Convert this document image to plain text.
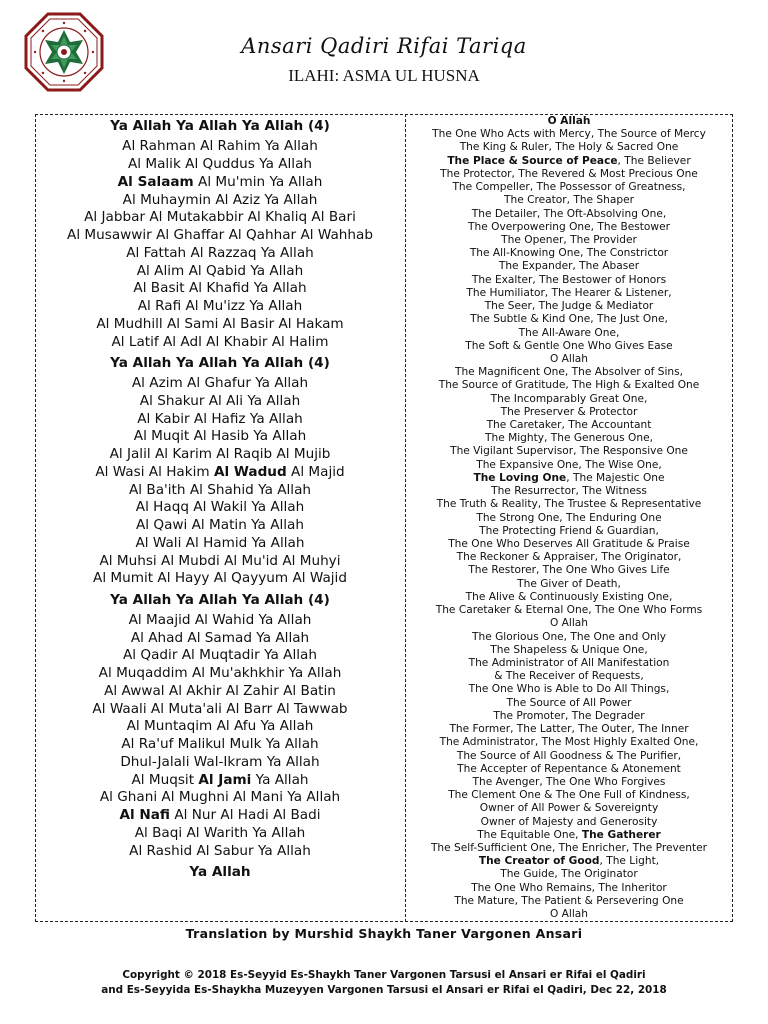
Ansari Qadiri Rifai Tariqa
ILAHI: ASMA UL HUSNA
Ya Allah Ya Allah Ya Allah (4)
Al Rahman Al Rahim Ya Allah
Al Malik Al Quddus Ya Allah
Al Salaam Al Mu'min Ya Allah
Al Muhaymin Al Aziz Ya Allah
Al Jabbar Al Mutakabbir Al Khaliq Al Bari
Al Musawwir Al Ghaffar Al Qahhar Al Wahhab
Al Fattah Al Razzaq Ya Allah
Al Alim Al Qabid Ya Allah
Al Basit Al Khafid Ya Allah
Al Rafi Al Mu'izz Ya Allah
Al Mudhill Al Sami Al Basir Al Hakam
Al Latif Al Adl Al Khabir Al Halim
Ya Allah Ya Allah Ya Allah (4)
Al Azim Al Ghafur Ya Allah
Al Shakur Al Ali Ya Allah
Al Kabir Al Hafiz Ya Allah
Al Muqit Al Hasib Ya Allah
Al Jalil Al Karim Al Raqib Al Mujib
Al Wasi Al Hakim Al Wadud Al Majid
Al Ba'ith Al Shahid Ya Allah
Al Haqq Al Wakil Ya Allah
Al Qawi Al Matin Ya Allah
Al Wali Al Hamid Ya Allah
Al Muhsi Al Mubdi Al Mu'id Al Muhyi
Al Mumit Al Hayy Al Qayyum Al Wajid
Ya Allah Ya Allah Ya Allah (4)
Al Maajid Al Wahid Ya Allah
Al Ahad Al Samad Ya Allah
Al Qadir Al Muqtadir Ya Allah
Al Muqaddim Al Mu'akhkhir Ya Allah
Al Awwal Al Akhir Al Zahir Al Batin
Al Waali Al Muta'ali Al Barr Al Tawwab
Al Muntaqim Al Afu Ya Allah
Al Ra'uf Malikul Mulk Ya Allah
Dhul-Jalali Wal-Ikram Ya Allah
Al Muqsit Al Jami Ya Allah
Al Ghani Al Mughni Al Mani Ya Allah
Al Nafi Al Nur Al Hadi Al Badi
Al Baqi Al Warith Ya Allah
Al Rashid Al Sabur Ya Allah
Ya Allah
O Allah
The One Who Acts with Mercy, The Source of Mercy
The King & Ruler, The Holy & Sacred One
The Place & Source of Peace, The Believer
The Protector, The Revered & Most Precious One
The Compeller, The Possessor of Greatness,
The Creator, The Shaper
The Detailer, The Oft-Absolving One,
The Overpowering One, The Bestower
The Opener, The Provider
The All-Knowing One, The Constrictor
The Expander, The Abaser
The Exalter, The Bestower of Honors
The Humiliator, The Hearer & Listener,
The Seer, The Judge & Mediator
The Subtle & Kind One, The Just One,
The All-Aware One,
The Soft & Gentle One Who Gives Ease
O Allah
The Magnificent One, The Absolver of Sins,
The Source of Gratitude, The High & Exalted One
The Incomparably Great One,
The Preserver & Protector
The Caretaker, The Accountant
The Mighty, The Generous One,
The Vigilant Supervisor, The Responsive One
The Expansive One, The Wise One,
The Loving One, The Majestic One
The Resurrector, The Witness
The Truth & Reality, The Trustee & Representative
The Strong One, The Enduring One
The Protecting Friend & Guardian,
The One Who Deserves All Gratitude & Praise
The Reckoner & Appraiser, The Originator,
The Restorer, The One Who Gives Life
The Giver of Death,
The Alive & Continuously Existing One,
The Caretaker & Eternal One, The One Who Forms
O Allah
The Glorious One, The One and Only
The Shapeless & Unique One,
The Administrator of All Manifestation
& The Receiver of Requests,
The One Who is Able to Do All Things,
The Source of All Power
The Promoter, The Degrader
The Former, The Latter, The Outer, The Inner
The Administrator, The Most Highly Exalted One,
The Source of All Goodness & The Purifier,
The Accepter of Repentance & Atonement
The Avenger, The One Who Forgives
The Clement One & The One Full of Kindness,
Owner of All Power & Sovereignty
Owner of Majesty and Generosity
The Equitable One, The Gatherer
The Self-Sufficient One, The Enricher, The Preventer
The Creator of Good, The Light,
The Guide, The Originator
The One Who Remains, The Inheritor
The Mature, The Patient & Persevering One
O Allah
Translation by Murshid Shaykh Taner Vargonen Ansari
Copyright © 2018 Es-Seyyid Es-Shaykh Taner Vargonen Tarsusi el Ansari er Rifai el Qadiri
and Es-Seyyida Es-Shaykha Muzeyyen Vargonen Tarsusi el Ansari er Rifai el Qadiri, Dec 22, 2018
